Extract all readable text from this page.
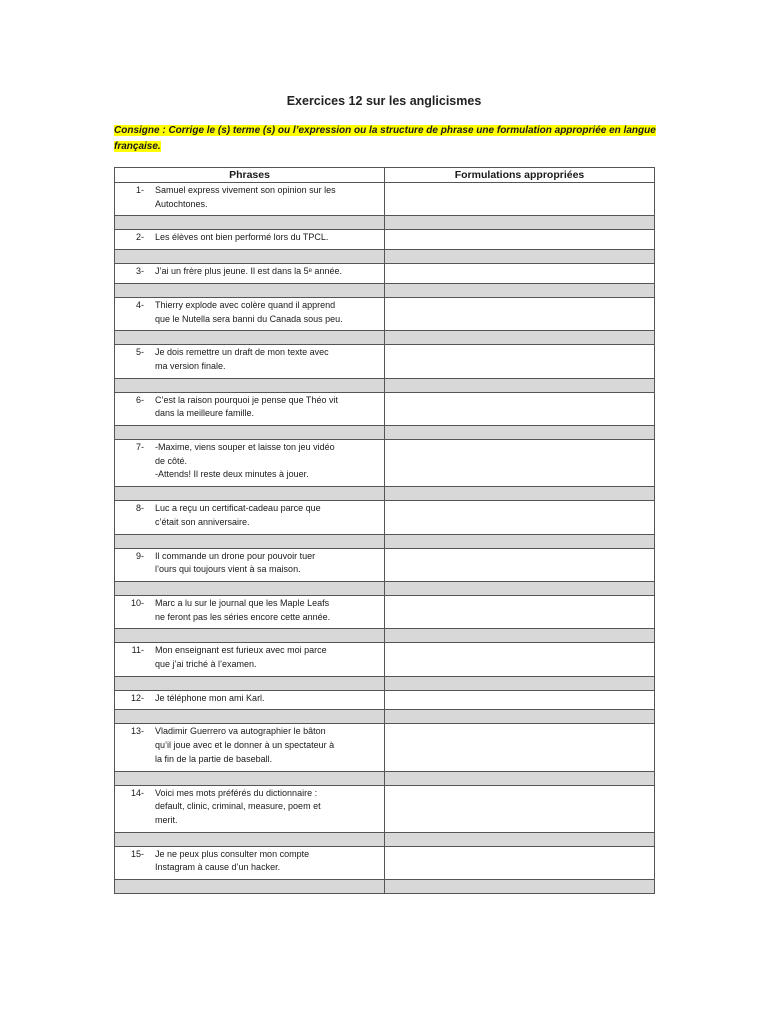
Exercices 12 sur les anglicismes
Consigne : Corrige le (s) terme (s) ou l’expression ou la structure de phrase une formulation appropriée en langue française.
Phrases	Formulations appropriées

1- Samuel express vivement son opinion sur les
Autochtones.	

2- Les élèves ont bien performé lors du TPCL.	

3- J’ai un frère plus jeune. Il est dans la 5ᵉ année.	

4- Thierry explode avec colère quand il apprend
que le Nutella sera banni du Canada sous peu.	

5- Je dois remettre un draft de mon texte avec
ma version finale.	

6- C’est la raison pourquoi je pense que Théo vit
dans la meilleure famille.	

7- -Maxime, viens souper et laisse ton jeu vidéo
de côté.
-Attends! Il reste deux minutes à jouer.	

8- Luc a reçu un certificat-cadeau parce que
c’était son anniversaire.	

9- Il commande un drone pour pouvoir tuer
l’ours qui toujours vient à sa maison.	

10- Marc a lu sur le journal que les Maple Leafs
ne feront pas les séries encore cette année.	

11- Mon enseignant est furieux avec moi parce
que j’ai triché à l’examen.	

12- Je téléphone mon ami Karl.	

13- Vladimir Guerrero va autographier le bâton
qu’il joue avec et le donner à un spectateur à
la fin de la partie de baseball.	

14- Voici mes mots préférés du dictionnaire :
default, clinic, criminal, measure, poem et
merit.	

15- Je ne peux plus consulter mon compte
Instagram à cause d’un hacker.	
